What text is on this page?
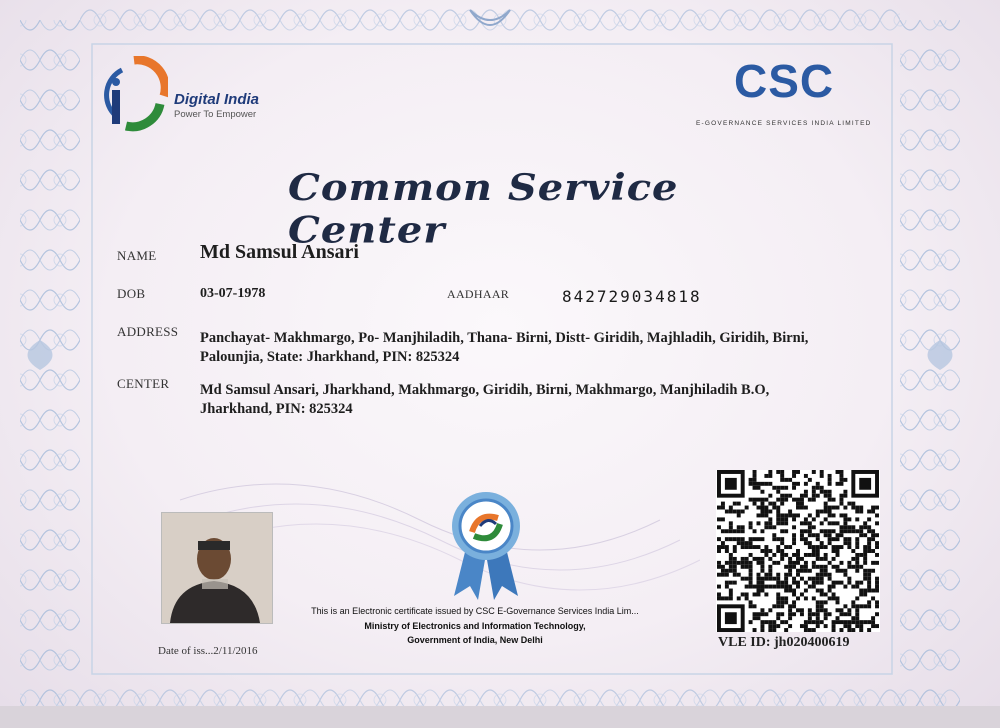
Digital India
Power To Empower
CSC
E-GOVERNANCE SERVICES INDIA LIMITED
Common Service Center
NAME Md Samsul Ansari
DOB	03-07-1978	AADHAAR	842729034818
ADDRESS Panchayat- Makhmargo, Po- Manjhiladih, Thana- Birni, Distt- Giridih, Majhladih, Giridih, Birni,
Palounjia, State: Jharkhand, PIN: 825324
CENTER Md Samsul Ansari, Jharkhand, Makhmargo, Giridih, Birni, Makhmargo, Manjhiladih B.O,
Jharkhand, PIN: 825324
This is an Electronic certificate issued by CSC E-Governance Services India Lim...
Ministry of Electronics and Information Technology,
Government of India, New Delhi
Date of iss...2/11/2016
VLE ID: jh020400619
